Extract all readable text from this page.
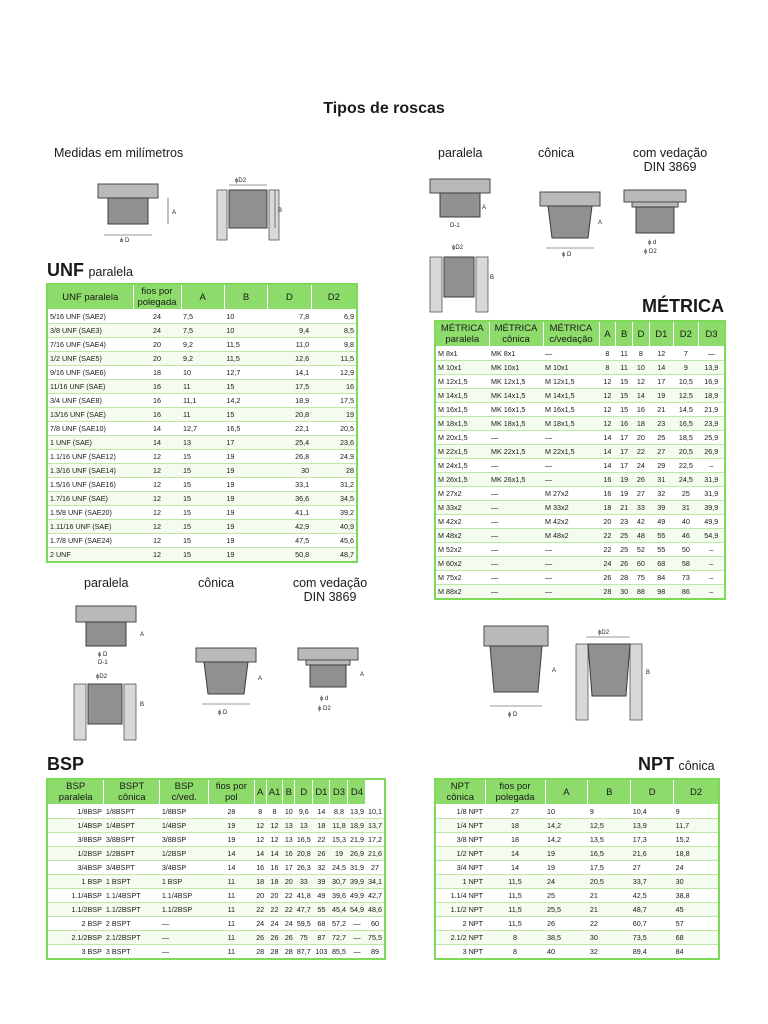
Tipos de roscas
Medidas em milímetros	paralela	cônica	com vedação
DIN 3869
ϕ D
A
ϕD2
B
D-1
A
ϕD2
B
ϕ D
A
ϕ d
ϕ D2
UNF paralela
UNF paralela	fios por polegada	A	B	D	D2
5/16 UNF (SAE2)	24	7,5	10	7,8	6,9
3/8 UNF (SAE3)	24	7,5	10	9,4	8,5
7/16 UNF (SAE4)	20	9,2	11,5	11,0	9,8
1/2 UNF (SAE5)	20	9,2	11,5	12,6	11,5
9/16 UNF (SAE6)	18	10	12,7	14,1	12,9
11/16 UNF (SAE)	16	11	15	17,5	16
3/4 UNF (SAE8)	16	11,1	14,2	18,9	17,5
13/16 UNF (SAE)	16	11	15	20,8	19
7/8 UNF (SAE10)	14	12,7	16,5	22,1	20,5
1 UNF (SAE)	14	13	17	25,4	23,6
1.1/16 UNF (SAE12)	12	15	19	26,8	24,9
1.3/16 UNF (SAE14)	12	15	19	30	28
1.5/16 UNF (SAE16)	12	15	19	33,1	31,2
1.7/16 UNF (SAE)	12	15	19	36,6	34,5
1.5/8 UNF (SAE20)	12	15	19	41,1	39,2
1.11/16 UNF (SAE)	12	15	19	42,9	40,9
1.7/8 UNF (SAE24)	12	15	19	47,5	45,6
2 UNF	12	15	19	50,8	48,7
MÉTRICA
MÉTRICA paralela	MÉTRICA cônica	MÉTRICA c/vedação	A	B	D	D1	D2	D3
M 8x1	MK 8x1	—	8	11	8	12	7	—
M 10x1	MK 10x1	M 10x1	8	11	10	14	9	13,9
M 12x1,5	MK 12x1,5	M 12x1,5	12	15	12	17	10,5	16,9
M 14x1,5	MK 14x1,5	M 14x1,5	12	15	14	19	12,5	18,9
M 16x1,5	MK 16x1,5	M 16x1,5	12	15	16	21	14,5	21,9
M 18x1,5	MK 18x1,5	M 18x1,5	12	16	18	23	16,5	23,9
M 20x1,5	—	—	14	17	20	25	18,5	25,9
M 22x1,5	MK 22x1,5	M 22x1,5	14	17	22	27	20,5	26,9
M 24x1,5	—	—	14	17	24	29	22,5	–
M 26x1,5	MK 26x1,5	—	16	19	26	31	24,5	31,9
M 27x2	—	M 27x2	16	19	27	32	25	31,9
M 33x2	—	M 33x2	18	21	33	39	31	39,9
M 42x2	—	M 42x2	20	23	42	49	40	49,9
M 48x2	—	M 48x2	22	25	48	55	46	54,9
M 52x2	—	—	22	25	52	55	50	–
M 60x2	—	—	24	26	60	68	58	–
M 75x2	—	—	26	28	75	84	73	–
M 88x2	—	—	28	30	88	98	86	–
paralela	cônica	com vedação
DIN 3869
ϕ D
D-1
A
ϕD2
B
ϕ D
A
A
ϕ d
ϕ D2
ϕ D
A
ϕD2
B
BSP
BSP paralela	BSPT cônica	BSP c/ved.	fios por pol	A	A1	B	D	D1	D3	D4	
1/8BSP	1/8BSPT	1/8BSP	28	8	8	10	9,6	14	8,8	13,9	10,1
1/4BSP	1/4BSPT	1/4BSP	19	12	12	13	13	18	11,8	18,9	13,7
3/8BSP	3/8BSPT	3/8BSP	19	12	12	13	16,5	22	15,3	21,9	17,2
1/2BSP	1/2BSPT	1/2BSP	14	14	14	16	20,8	26	19	26,9	21,6
3/4BSP	3/4BSPT	3/4BSP	14	16	16	17	26,3	32	24,5	31,9	27
1 BSP	1 BSPT	1 BSP	11	18	18	20	33	39	30,7	39,9	34,1
1.1/4BSP	1.1/4BSPT	1.1/4BSP	11	20	20	22	41,8	49	39,6	49,9	42,7
1.1/2BSP	1.1/2BSPT	1.1/2BSP	11	22	22	22	47,7	55	45,4	54,9	48,6
2 BSP	2 BSPT	—	11	24	24	24	59,5	68	57,2	—	60
2.1/2BSP	2.1/2BSPT	—	11	26	26	26	75	87	72,7	—	75,5
3 BSP	3 BSPT	—	11	28	28	28	87,7	103	85,5	—	89
NPT cônica
NPT cônica	fios por polegada	A	B	D	D2
1/8 NPT	27	10	9	10,4	9
1/4 NPT	18	14,2	12,5	13,9	11,7
3/8 NPT	18	14,2	13,5	17,3	15,2
1/2 NPT	14	19	16,5	21,6	18,8
3/4 NPT	14	19	17,5	27	24
1 NPT	11,5	24	20,5	33,7	30
1.1/4 NPT	11,5	25	21	42,5	38,8
1.1/2 NPT	11,5	25,5	21	48,7	45
2 NPT	11,5	26	22	60,7	57
2.1/2 NPT	8	38,5	30	73,5	68
3 NPT	8	40	32	89,4	84
